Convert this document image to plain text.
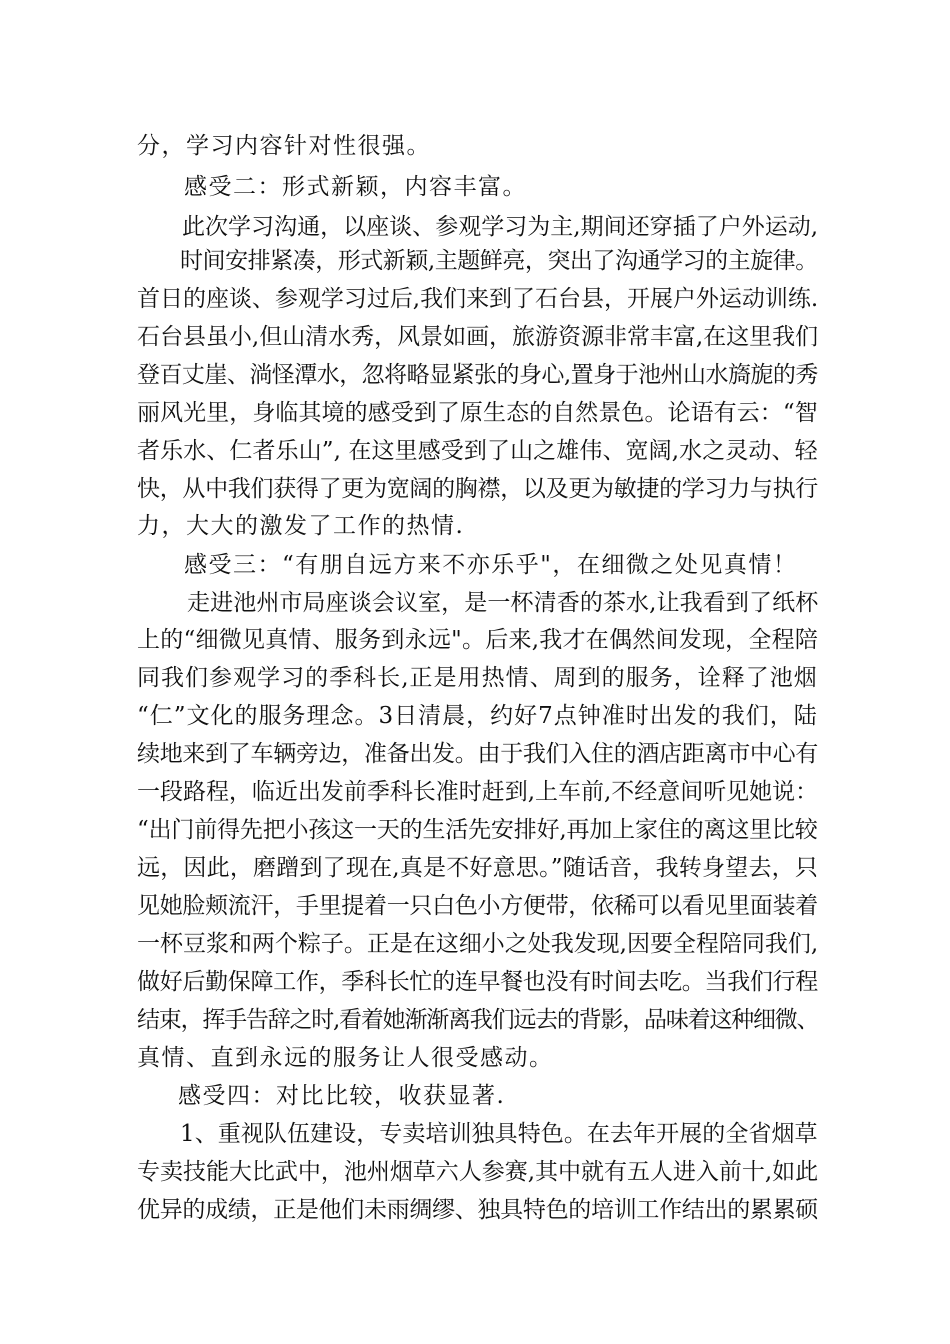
分，学习内容针对性很强。
感受二：形式新颖，内容丰富。
此次学习沟通，以座谈、参观学习为主,期间还穿插了户外运动,
时间安排紧凑，形式新颖,主题鲜亮，突出了沟通学习的主旋律。
首日的座谈、参观学习过后,我们来到了石台县，开展户外运动训练.
石台县虽小,但山清水秀，风景如画，旅游资源非常丰富,在这里我们
登百丈崖、淌怪潭水，忽将略显紧张的身心,置身于池州山水旖旎的秀
丽风光里，身临其境的感受到了原生态的自然景色。论语有云：“智
者乐水、仁者乐山”, 在这里感受到了山之雄伟、宽阔,水之灵动、轻
快，从中我们获得了更为宽阔的胸襟，以及更为敏捷的学习力与执行
力，大大的激发了工作的热情.
感受三：“有朋自远方来不亦乐乎"，在细微之处见真情！
走进池州市局座谈会议室，是一杯清香的茶水,让我看到了纸杯
上的“细微见真情、服务到永远"。后来,我才在偶然间发现，全程陪
同我们参观学习的季科长,正是用热情、周到的服务，诠释了池烟
“仁”文化的服务理念。3日清晨，约好7点钟准时出发的我们，陆
续地来到了车辆旁边，准备出发。由于我们入住的酒店距离市中心有
一段路程，临近出发前季科长准时赶到,上车前,不经意间听见她说：
“出门前得先把小孩这一天的生活先安排好,再加上家住的离这里比较
远，因此，磨蹭到了现在,真是不好意思。”随话音，我转身望去，只
见她脸颊流汗，手里提着一只白色小方便带，依稀可以看见里面装着
一杯豆浆和两个粽子。正是在这细小之处我发现,因要全程陪同我们,
做好后勤保障工作，季科长忙的连早餐也没有时间去吃。当我们行程
结束，挥手告辞之时,看着她渐渐离我们远去的背影，品味着这种细微、
真情、直到永远的服务让人很受感动。
感受四：对比比较，收获显著.
1、重视队伍建设，专卖培训独具特色。在去年开展的全省烟草
专卖技能大比武中，池州烟草六人参赛,其中就有五人进入前十,如此
优异的成绩，正是他们未雨绸缪、独具特色的培训工作结出的累累硕
